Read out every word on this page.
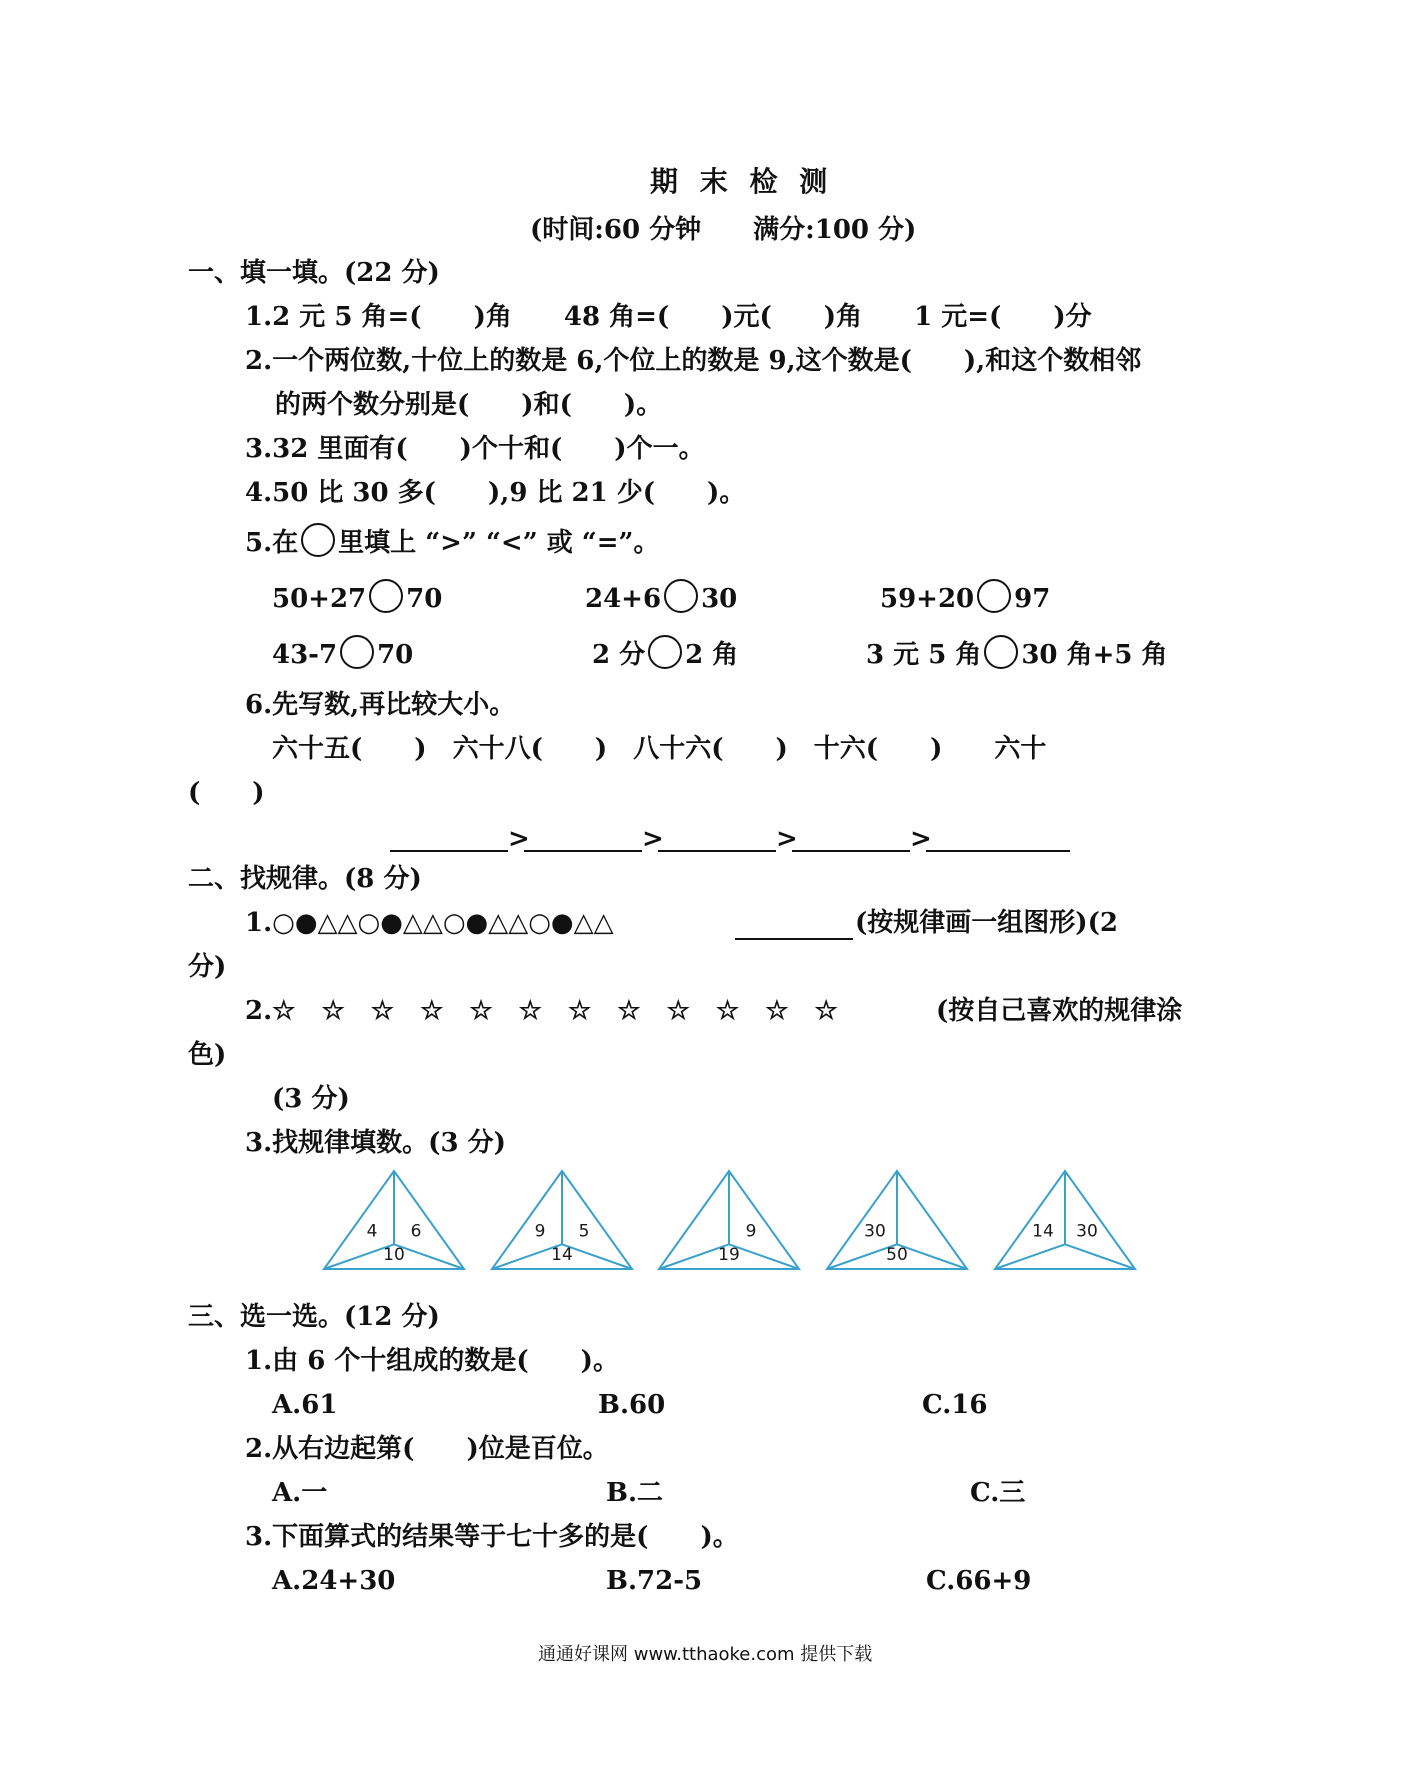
期 末 检 测
(时间:60 分钟　　满分:100 分)
一、填一填。(22 分)
1.2 元 5 角=(　　)角　　48 角=(　　)元(　　)角　　1 元=(　　)分
2.一个两位数,十位上的数是 6,个位上的数是 9,这个数是(　　),和这个数相邻
的两个数分别是(　　)和(　　)。
3.32 里面有(　　)个十和(　　)个一。
4.50 比 30 多(　　),9 比 21 少(　　)。
5.在 里填上 “>” “<” 或 “=”。
50+27 70	24+6 30	59+20 97
43-7 70	2 分 2 角	3 元 5 角 30 角+5 角
6.先写数,再比较大小。
六十五(　　)　六十八(　　)　八十六(　　)　十六(　　)　　六十
(　　)
>	>	>	>
二、找规律。(8 分)
1.○●△△○●△△○●△△○●△△	(按规律画一组图形)(2
分)
2.☆　☆　☆　☆　☆　☆　☆　☆　☆　☆　☆　☆	(按自己喜欢的规律涂
色)
(3 分)
3.找规律填数。(3 分)
4 6
10
9 5
14
9
19
30
50
14 30
三、选一选。(12 分)
1.由 6 个十组成的数是(　　)。
A.61	B.60	C.16
2.从右边起第(　　)位是百位。
A.一	B.二	C.三
3.下面算式的结果等于七十多的是(　　)。
A.24+30	B.72-5	C.66+9
通通好课网 www.tthaoke.com 提供下载
